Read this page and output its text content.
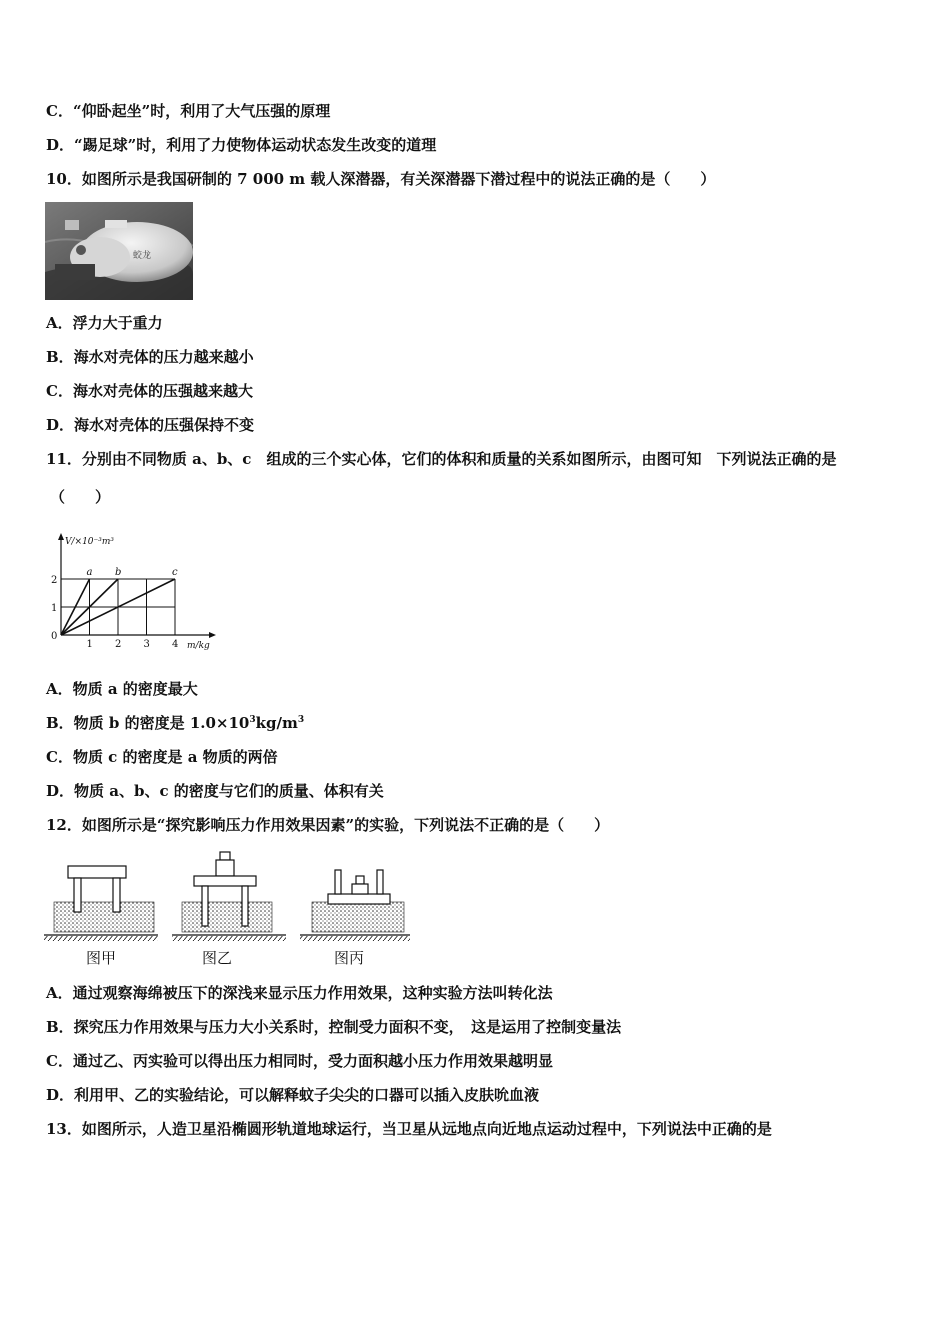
C．“仰卧起坐”时，利用了大气压强的原理
D．“踢足球”时，利用了力使物体运动状态发生改变的道理
10．如图所示是我国研制的 7 000 m 载人深潜器，有关深潜器下潜过程中的说法正确的是（　　）
蛟龙
A．浮力大于重力
B．海水对壳体的压力越来越小
C．海水对壳体的压强越来越大
D．海水对壳体的压强保持不变
11．分别由不同物质 a、b、c　组成的三个实心体，它们的体积和质量的关系如图所示，由图可知　下列说法正确的是
（　　）
a b	c
1 2 3 4
0
1
2
V/×10⁻³m³
m/kg
A．物质 a 的密度最大
B．物质 b 的密度是 $1.0\times 10^3kg/m^3$
C．物质 c 的密度是 a 物质的两倍
D．物质 a、b、c 的密度与它们的质量、体积有关
12．如图所示是“探究影响压力作用效果因素”的实验，下列说法不正确的是（　　）
图甲	图乙	图丙
A．通过观察海绵被压下的深浅来显示压力作用效果，这种实验方法叫转化法
B．探究压力作用效果与压力大小关系时，控制受力面积不变，　这是运用了控制变量法
C．通过乙、丙实验可以得出压力相同时，受力面积越小压力作用效果越明显
D．利用甲、乙的实验结论，可以解释蚊子尖尖的口器可以插入皮肤吮血液
13．如图所示，人造卫星沿椭圆形轨道地球运行，当卫星从远地点向近地点运动过程中，下列说法中正确的是
